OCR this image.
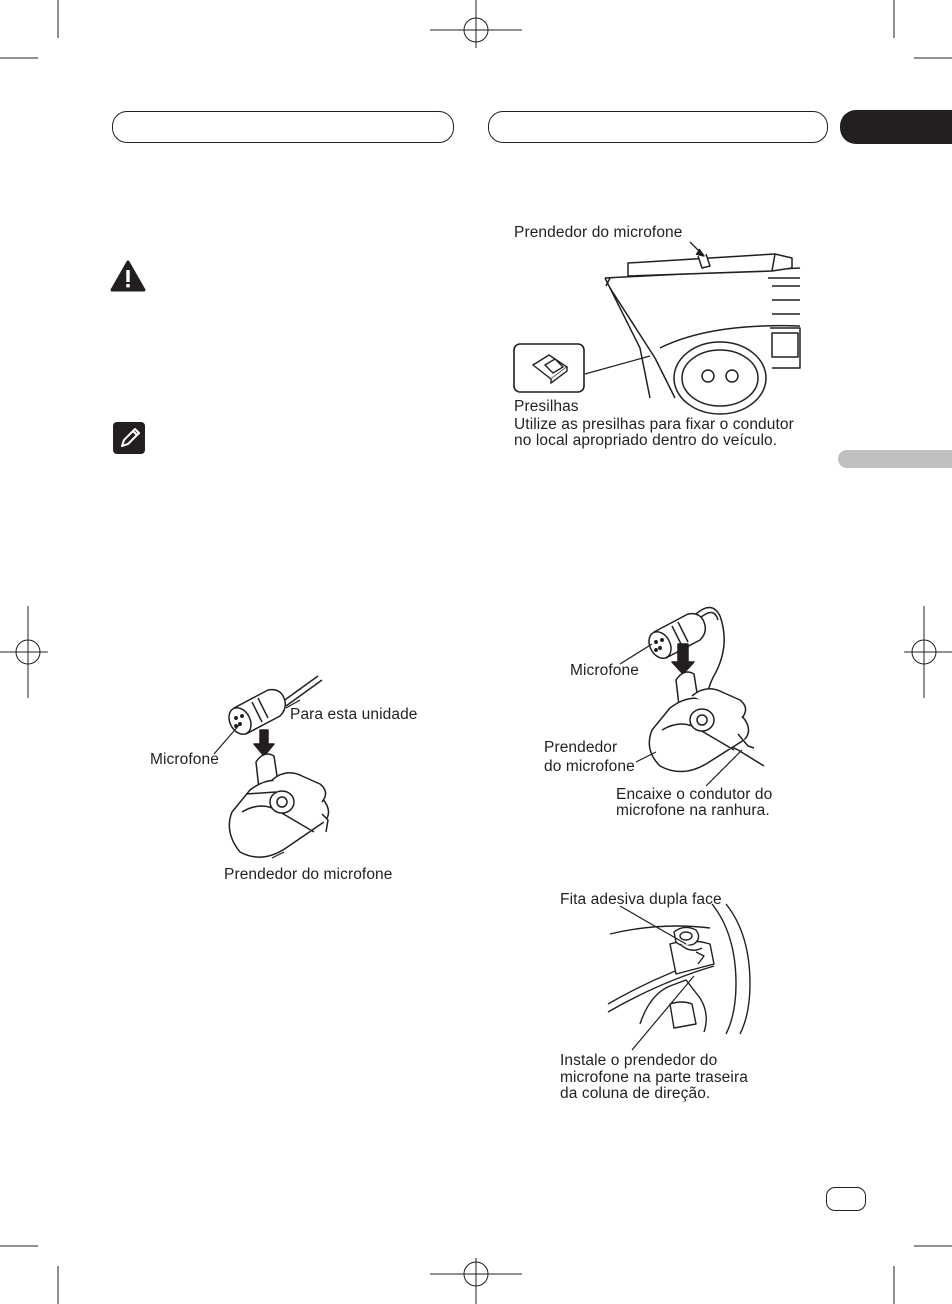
Prendedor do microfone
Presilhas
Utilize as presilhas para fixar o condutor
no local apropriado dentro do veículo.
Para esta unidade
Microfone
Prendedor do microfone
Microfone
Prendedor
do microfone
Encaixe o condutor do
microfone na ranhura.
Fita adesiva dupla face
Instale o prendedor do
microfone na parte traseira
da coluna de direção.
